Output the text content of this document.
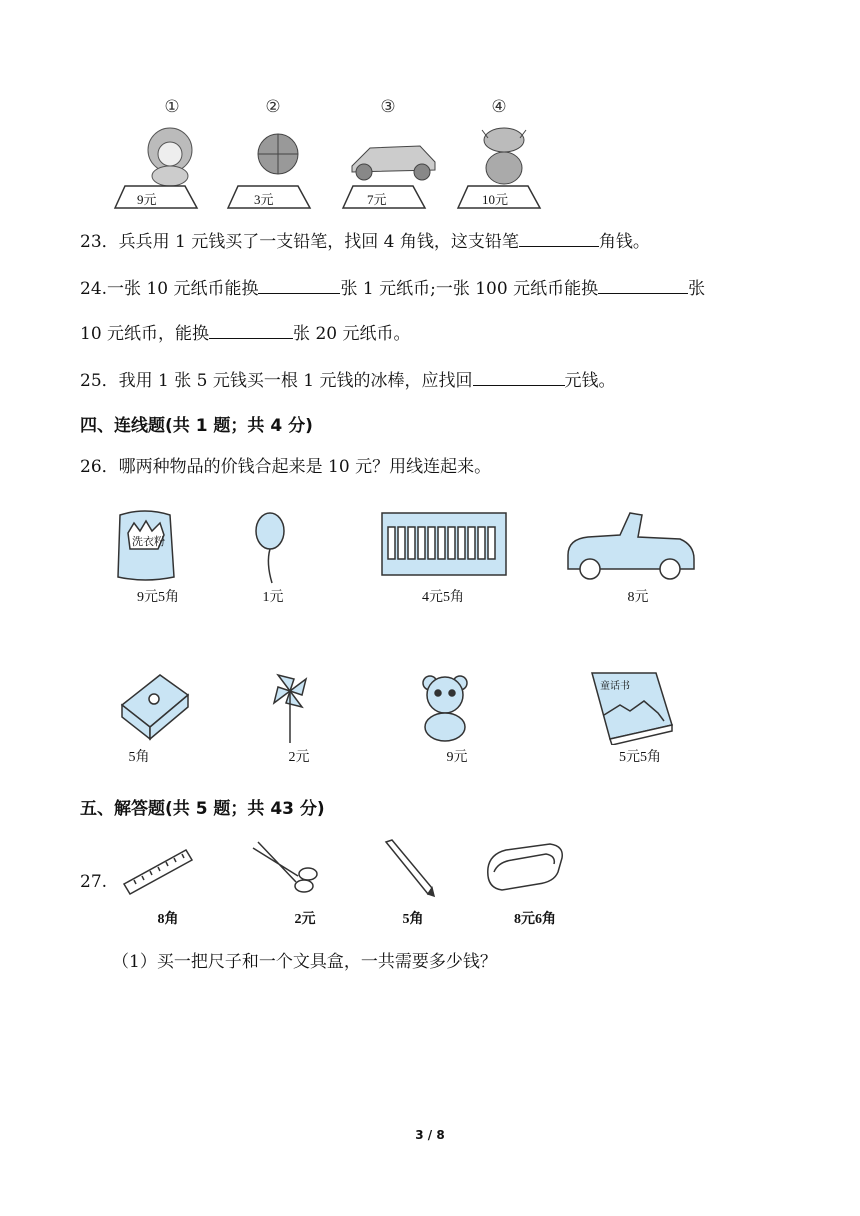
①	②	③	④
9元	3元	7元	10元
23．兵兵用 1 元钱买了一支铅笔，找回 4 角钱，这支铅笔	角钱。
24.一张 10 元纸币能换	张 1 元纸币;一张 100 元纸币能换	张
10 元纸币，能换	张 20 元纸币。
25．我用 1 张 5 元钱买一根 1 元钱的冰棒，应找回	元钱。
四、连线题(共 1 题；共 4 分)
26．哪两种物品的价钱合起来是 10 元？用线连起来。
洗衣粉
9元5角	1元	4元5角	8元
童话书
5角	2元	9元	5元5角
五、解答题(共 5 题；共 43 分)
27.
8角	2元	5角	8元6角
（1）买一把尺子和一个文具盒，一共需要多少钱？
3 / 8
